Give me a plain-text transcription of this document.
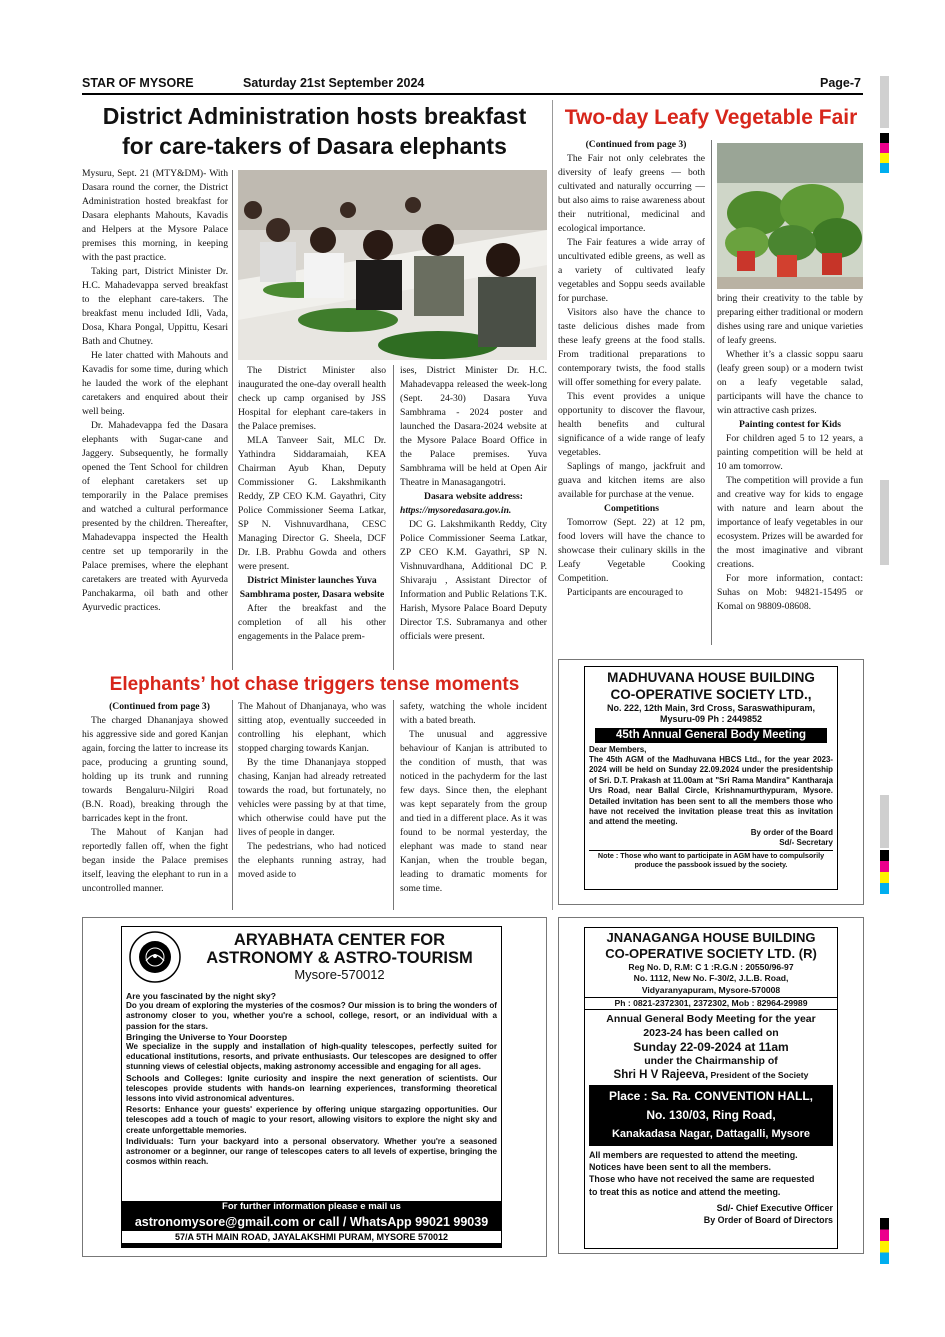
STAR OF MYSORE	Saturday 21st September 2024	Page-7
District Administration hosts breakfast
for care-takers of Dasara elephants

Mysuru, Sept. 21 (MTY&DM)- With Dasara round the corner, the District Administration hosted breakfast for Dasara elephants Mahouts, Kavadis and Helpers at the Mysore Palace premises this morning, in keeping with the past practice.

Taking part, District Minister Dr. H.C. Mahadevappa served breakfast to the elephant care-takers. The breakfast menu included Idli, Vada, Dosa, Khara Pongal, Uppittu, Kesari Bath and Chutney.

He later chatted with Mahouts and Kavadis for some time, during which he lauded the work of the elephant caretakers and enquired about their well being.

Dr. Mahadevappa fed the Dasara elephants with Sugar-cane and Jaggery. Subsequently, he formally opened the Tent School for children of elephant caretakers set up temporarily in the Palace premises and watched a cultural performance presented by the children. Thereafter, Mahadevappa inspected the Health centre set up temporarily in the Palace premises, where the elephant caretakers are treated with Ayurveda Panchakarma, oil bath and other Ayurvedic practices.

The District Minister also inaugurated the one-day overall health check up camp organised by JSS Hospital for elephant care-takers in the Palace premises.

MLA Tanveer Sait, MLC Dr. Yathindra Siddaramaiah, KEA Chairman Ayub Khan, Deputy Commissioner G. Lakshmikanth Reddy, ZP CEO K.M. Gayathri, City Police Commissioner Seema Latkar, SP N. Vishnuvardhana, CESC Managing Director G. Sheela, DCF Dr. I.B. Prabhu Gowda and others were present.

District Minister launches Yuva Sambhrama poster, Dasara website

After the breakfast and the completion of all his other engagements in the Palace prem-

ises, District Minister Dr. H.C. Mahadevappa released the week-long (Sept. 24-30) Dasara Yuva Sambhrama - 2024 poster and launched the Dasara-2024 website at the Mysore Palace Board Office in the Palace premises. Yuva Sambhrama will be held at Open Air Theatre in Manasagangotri.

Dasara website address:

https://mysoredasara.gov.in.

DC G. Lakshmikanth Reddy, City Police Commissioner Seema Latkar, ZP CEO K.M. Gayathri, SP N. Vishnuvardhana, Additional DC P. Shivaraju , Assistant Director of Information and Public Relations T.K. Harish, Mysore Palace Board Deputy Director T.S. Subramanya and other officials were present.

Elephants’ hot chase triggers tense moments

(Continued from page 3)

The charged Dhananjaya showed his aggressive side and gored Kanjan again, forcing the latter to increase its pace, producing a grunting sound, holding up its trunk and running towards Bengaluru-Nilgiri Road (B.N. Road), breaking through the barricades kept in the front.

The Mahout of Kanjan had reportedly fallen off, when the fight began inside the Palace premises itself, leaving the elephant to run in a uncontrolled manner.

The Mahout of Dhanjanaya, who was sitting atop, eventually succeeded in controlling his elephant, which stopped charging towards Kanjan.

By the time Dhananjaya stopped chasing, Kanjan had already retreated towards the road, but fortunately, no vehicles were passing by at that time, which otherwise could have put the lives of people in danger.

The pedestrians, who had noticed the elephants running astray, had moved aside to

safety, watching the whole incident with a bated breath.

The unusual and aggressive behaviour of Kanjan is attributed to the condition of musth, that was noticed in the pachyderm for the last few days. Since then, the elephant was kept separately from the group and tied in a different place. As it was found to be normal yesterday, the elephant was made to stand near Kanjan, when the trouble began, leading to dramatic moments for some time.

Two-day Leafy Vegetable Fair

(Continued from page 3)

The Fair not only celebrates the diversity of leafy greens — both cultivated and naturally occurring — but also aims to raise awareness about their nutritional, medicinal and ecological importance.

The Fair features a wide array of uncultivated edible greens, as well as a variety of cultivated leafy vegetables and Soppu seeds available for purchase.

Visitors also have the chance to taste delicious dishes made from these leafy greens at the food stalls. From traditional preparations to contemporary twists, the food stalls will offer something for every palate.

This event provides a unique opportunity to discover the flavour, health benefits and cultural significance of a wide range of leafy vegetables.

Saplings of mango, jackfruit and guava and kitchen items are also available for purchase at the venue.

Competitions

Tomorrow (Sept. 22) at 12 pm, food lovers will have the chance to showcase their culinary skills in the Leafy Vegetable Cooking Competition.

Participants are encouraged to

bring their creativity to the table by preparing either traditional or modern dishes using rare and unique varieties of leafy greens.

Whether it’s a classic soppu saaru (leafy green soup) or a modern twist on a leafy vegetable salad, participants will have the chance to win attractive cash prizes.

Painting contest for Kids

For children aged 5 to 12 years, a painting competition will be held at 10 am tomorrow.

The competition will provide a fun and creative way for kids to engage with nature and learn about the importance of leafy vegetables in our ecosystem. Prizes will be awarded for the most imaginative and vibrant creations.

For more information, contact: Suhas on Mob: 94821-15495 or Komal on 98809-08608.

MADHUVANA HOUSE BUILDING
CO-OPERATIVE SOCIETY LTD.,
No. 222, 12th Main, 3rd Cross, Saraswathipuram,
Mysuru-09 Ph : 2449852
45th Annual General Body Meeting
Dear Members,
The 45th AGM of the Madhuvana HBCS Ltd., for the year 2023-2024 will be held on Sunday 22.09.2024 under the presidentship of Sri. D.T. Prakash at 11.00am at "Sri Rama Mandira" Kantharaja Urs Road, near Ballal Circle, Krishnamurthypuram, Mysore. Detailed invitation has been sent to all the members those who have not received the invitation please treat this as invitation and attend the meeting.
By order of the Board
Sd/- Secretary
Note : Those who want to participate in AGM have to compulsorily produce the passbook issued by the society.
ARYABHATA CENTER FOR
ASTRONOMY & ASTRO-TOURISM
Mysore-570012
Are you fascinated by the night sky?
Do you dream of exploring the mysteries of the cosmos? Our mission is to bring the wonders of astronomy closer to you, whether you're a school, college, resort, or an individual with a passion for the stars.
Bringing the Universe to Your Doorstep
We specialize in the supply and installation of high-quality telescopes, perfectly suited for educational institutions, resorts, and private enthusiasts. Our telescopes are designed to offer stunning views of celestial objects, making astronomy accessible and engaging for all ages.
Schools and Colleges: Ignite curiosity and inspire the next generation of scientists. Our telescopes provide students with hands-on learning experiences, transforming theoretical lessons into vivid astronomical adventures.
Resorts: Enhance your guests' experience by offering unique stargazing opportunities. Our telescopes add a touch of magic to your resort, allowing visitors to explore the night sky and create unforgettable memories.
Individuals: Turn your backyard into a personal observatory. Whether you're a seasoned astronomer or a beginner, our range of telescopes caters to all levels of expertise, bringing the cosmos within reach.
For further information please e mail us
astronomysore@gmail.com or call / WhatsApp 99021 99039
57/A 5TH MAIN ROAD, JAYALAKSHMI PURAM, MYSORE 570012
JNANAGANGA HOUSE BUILDING
CO-OPERATIVE SOCIETY LTD. (R)
Reg No. D, R.M: C 1 :R.G.N : 20550/96-97
No. 1112, New No. F-30/2, J.L.B. Road,
Vidyaranyapuram, Mysore-570008
Ph : 0821-2372301, 2372302, Mob : 82964-29989
Annual General Body Meeting for the year
2023-24 has been called on
Sunday 22-09-2024 at 11am
under the Chairmanship of
Shri H V Rajeeva, President of the Society
Place : Sa. Ra. CONVENTION HALL,
No. 130/03, Ring Road,
Kanakadasa Nagar, Dattagalli, Mysore
All members are requested to attend the meeting.
Notices have been sent to all the members.
Those who have not received the same are requested
to treat this as notice and attend the meeting.
Sd/- Chief Executive Officer
By Order of Board of Directors
